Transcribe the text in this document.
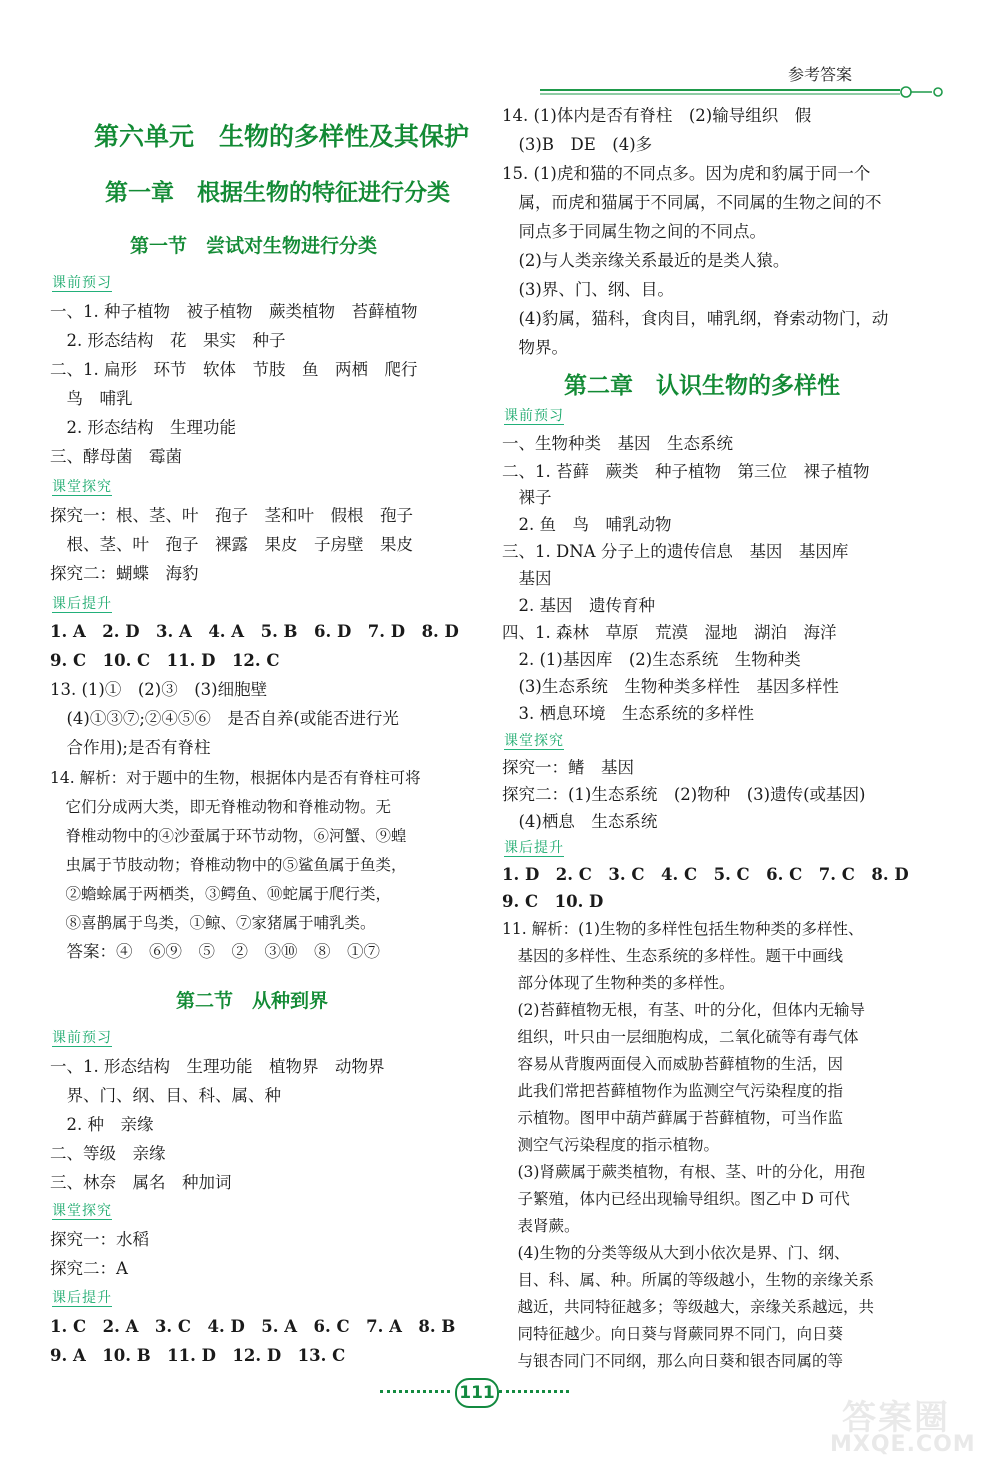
参考答案
第六单元　生物的多样性及其保护
第一章　根据生物的特征进行分类
第一节　尝试对生物进行分类
课前预习
一、1. 种子植物　被子植物　蕨类植物　苔藓植物
　2. 形态结构　花　果实　种子
二、1. 扁形　环节　软体　节肢　鱼　两栖　爬行
　鸟　哺乳
　2. 形态结构　生理功能
三、酵母菌　霉菌
课堂探究
探究一：根、茎、叶　孢子　茎和叶　假根　孢子
　根、茎、叶　孢子　裸露　果皮　子房壁　果皮
探究二：蝴蝶　海豹
课后提升
1. A　2. D　3. A　4. A　5. B　6. D　7. D　8. D
9. C　10. C　11. D　12. C
13. (1)①　(2)③　(3)细胞壁
　(4)①③⑦;②④⑤⑥　是否自养(或能否进行光
　合作用);是否有脊柱
14. 解析：对于题中的生物，根据体内是否有脊柱可将
　它们分成两大类，即无脊椎动物和脊椎动物。无
　脊椎动物中的④沙蚕属于环节动物，⑥河蟹、⑨蝗
　虫属于节肢动物；脊椎动物中的⑤鲨鱼属于鱼类，
　②蟾蜍属于两栖类，③鳄鱼、⑩蛇属于爬行类，
　⑧喜鹊属于鸟类，①鲸、⑦家猪属于哺乳类。
　答案：④　⑥⑨　⑤　②　③⑩　⑧　①⑦
第二节　从种到界
课前预习
一、1. 形态结构　生理功能　植物界　动物界
　界、门、纲、目、科、属、种
　2. 种　亲缘
二、等级　亲缘
三、林奈　属名　种加词
课堂探究
探究一：水稻
探究二：A
课后提升
1. C　2. A　3. C　4. D　5. A　6. C　7. A　8. B
9. A　10. B　11. D　12. D　13. C
14. (1)体内是否有脊柱　(2)输导组织　假
　(3)B　DE　(4)多
15. (1)虎和猫的不同点多。因为虎和豹属于同一个
　属，而虎和猫属于不同属，不同属的生物之间的不
　同点多于同属生物之间的不同点。
　(2)与人类亲缘关系最近的是类人猿。
　(3)界、门、纲、目。
　(4)豹属，猫科，食肉目，哺乳纲，脊索动物门，动
　物界。
第二章　认识生物的多样性
课前预习
一、生物种类　基因　生态系统
二、1. 苔藓　蕨类　种子植物　第三位　裸子植物
　裸子
　2. 鱼　鸟　哺乳动物
三、1. DNA 分子上的遗传信息　基因　基因库
　基因
　2. 基因　遗传育种
四、1. 森林　草原　荒漠　湿地　湖泊　海洋
　2. (1)基因库　(2)生态系统　生物种类
　(3)生态系统　生物种类多样性　基因多样性
　3. 栖息环境　生态系统的多样性
课堂探究
探究一：鳍　基因
探究二：(1)生态系统　(2)物种　(3)遗传(或基因)
　(4)栖息　生态系统
课后提升
1. D　2. C　3. C　4. C　5. C　6. C　7. C　8. D
9. C　10. D
11. 解析：(1)生物的多样性包括生物种类的多样性、
　基因的多样性、生态系统的多样性。题干中画线
　部分体现了生物种类的多样性。
　(2)苔藓植物无根，有茎、叶的分化，但体内无输导
　组织，叶只由一层细胞构成，二氧化硫等有毒气体
　容易从背腹两面侵入而威胁苔藓植物的生活，因
　此我们常把苔藓植物作为监测空气污染程度的指
　示植物。图甲中葫芦藓属于苔藓植物，可当作监
　测空气污染程度的指示植物。
　(3)肾蕨属于蕨类植物，有根、茎、叶的分化，用孢
　子繁殖，体内已经出现输导组织。图乙中 D 可代
　表肾蕨。
　(4)生物的分类等级从大到小依次是界、门、纲、
　目、科、属、种。所属的等级越小，生物的亲缘关系
　越近，共同特征越多；等级越大，亲缘关系越远，共
　同特征越少。向日葵与肾蕨同界不同门，向日葵
　与银杏同门不同纲，那么向日葵和银杏同属的等
111
答案圈
MXQE.COM
